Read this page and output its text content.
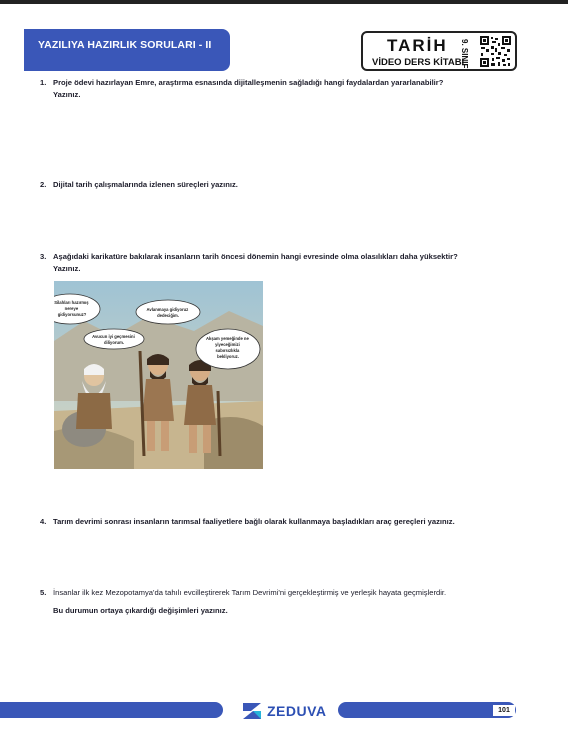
YAZILIYA HAZIRLIK SORULARI - II	TARİH
VİDEO DERS KİTABI
9. SINIF
1. Proje ödevi hazırlayan Emre, araştırma esnasında dijitalleşmenin sağladığı hangi faydalardan yararlanabilir?
Yazınız.
2. Dijital tarih çalışmalarında izlenen süreçleri yazınız.
3. Aşağıdaki karikatüre bakılarak insanların tarih öncesi dönemin hangi evresinde olma olasılıkları daha yüksektir?
Yazınız.
Silahları hazırmış nereye gidiyorsunuz?
Avlanmaya gidiyoruz dedeciğim.
Avucun iyi geçmesini diliyorum.
Akşam yemeğinde ne yiyeceğimizi sabırsızlıkla bekliyoruz.
4. Tarım devrimi sonrası insanların tarımsal faaliyetlere bağlı olarak kullanmaya başladıkları araç gereçleri yazınız.
5. İnsanlar ilk kez Mezopotamya'da tahılı evcilleştirerek Tarım Devrimi'ni gerçekleştirmiş ve yerleşik hayata geçmişlerdir.
Bu durumun ortaya çıkardığı değişimleri yazınız.
ZEDUVA	101
